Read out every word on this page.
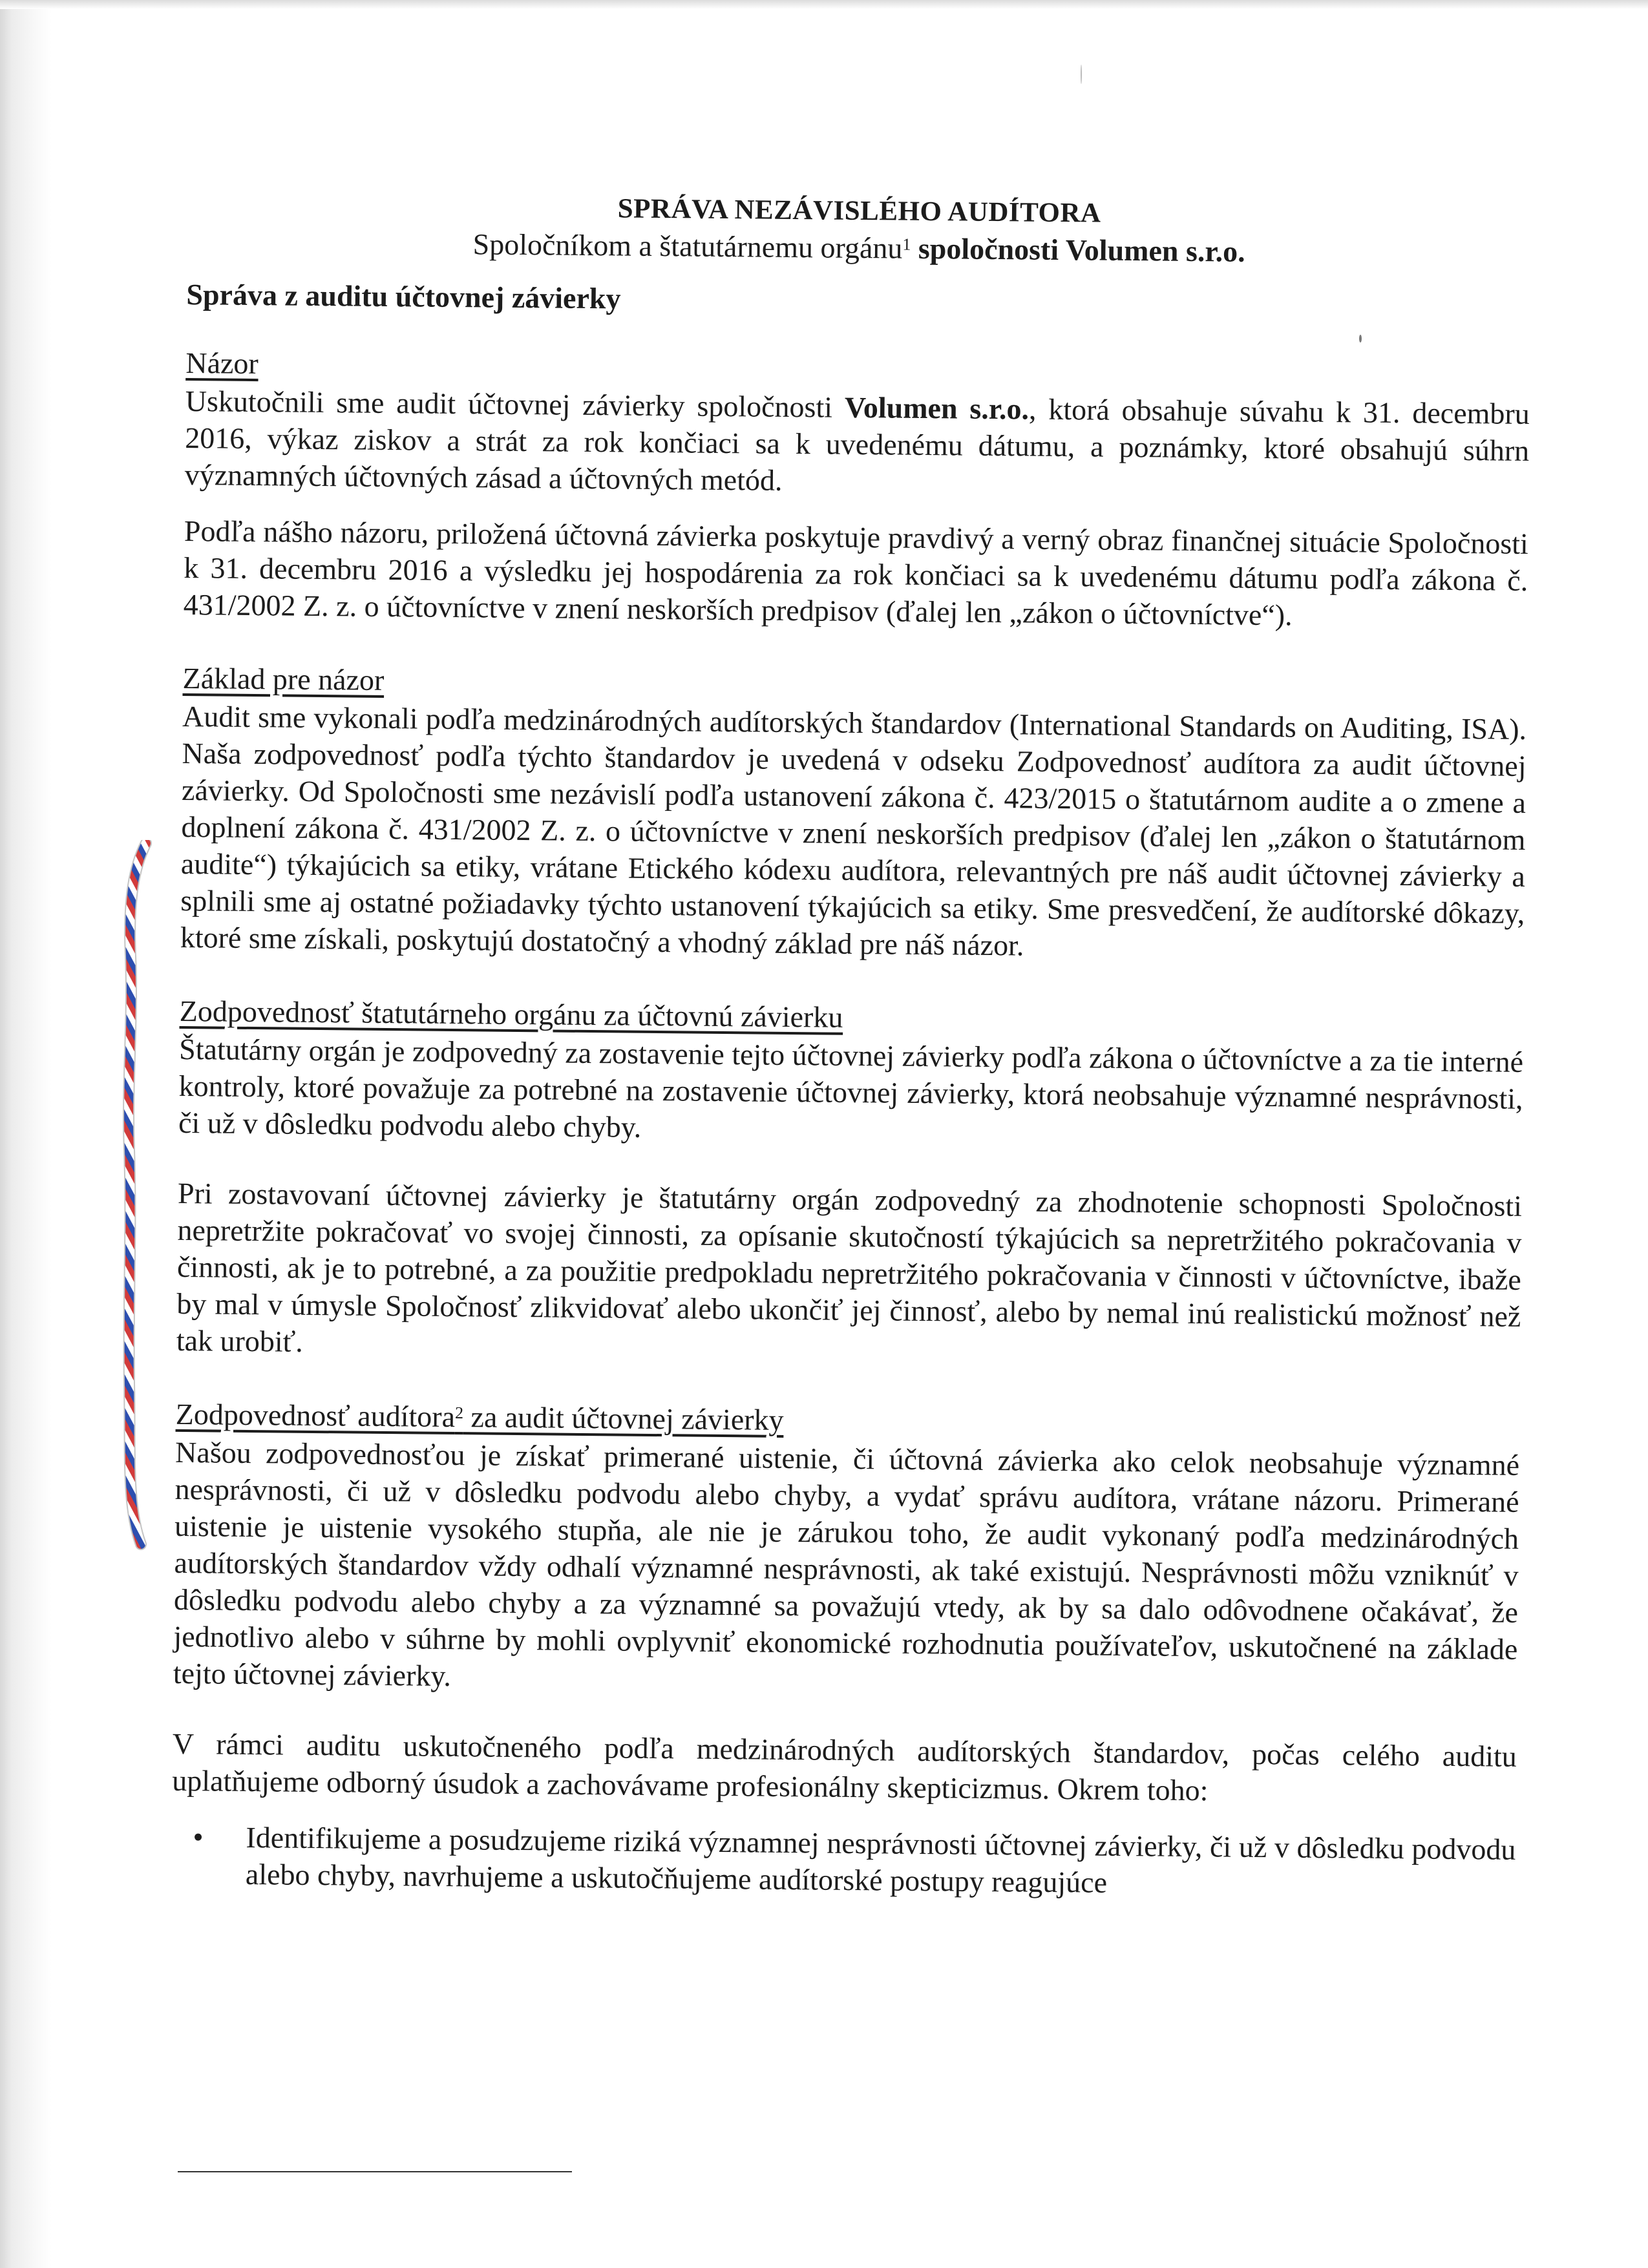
SPRÁVA NEZÁVISLÉHO AUDÍTORA

Spoločníkom a štatutárnemu orgánu$^1$ spoločnosti Volumen s.r.o.

Správa z auditu účtovnej závierky

Názor

Uskutočnili sme audit účtovnej závierky spoločnosti Volumen s.r.o., ktorá obsahuje súvahu k 31. decembru 2016, výkaz ziskov a strát za rok končiaci sa k uvedenému dátumu, a poznámky, ktoré obsahujú súhrn významných účtovných zásad a účtovných metód.

Podľa nášho názoru, priložená účtovná závierka poskytuje pravdivý a verný obraz finančnej situácie Spoločnosti k 31. decembru 2016 a výsledku jej hospodárenia za rok končiaci sa k uvedenému dátumu podľa zákona č. 431/2002 Z. z. o účtovníctve v znení neskorších predpisov (ďalej len „zákon o účtovníctve“).

Základ pre názor

Audit sme vykonali podľa medzinárodných audítorských štandardov (International Standards on Auditing, ISA). Naša zodpovednosť podľa týchto štandardov je uvedená v odseku Zodpovednosť audítora za audit účtovnej závierky. Od Spoločnosti sme nezávislí podľa ustanovení zákona č. 423/2015 o štatutárnom audite a o zmene a doplnení zákona č. 431/2002 Z. z. o účtovníctve v znení neskorších predpisov (ďalej len „zákon o štatutárnom audite“) týkajúcich sa etiky, vrátane Etického kódexu audítora, relevantných pre náš audit účtovnej závierky a splnili sme aj ostatné požiadavky týchto ustanovení týkajúcich sa etiky. Sme presvedčení, že audítorské dôkazy, ktoré sme získali, poskytujú dostatočný a vhodný základ pre náš názor.

Zodpovednosť štatutárneho orgánu za účtovnú závierku

Štatutárny orgán je zodpovedný za zostavenie tejto účtovnej závierky podľa zákona o účtovníctve a za tie interné kontroly, ktoré považuje za potrebné na zostavenie účtovnej závierky, ktorá neobsahuje významné nesprávnosti, či už v dôsledku podvodu alebo chyby.

Pri zostavovaní účtovnej závierky je štatutárny orgán zodpovedný za zhodnotenie schopnosti Spoločnosti nepretržite pokračovať vo svojej činnosti, za opísanie skutočností týkajúcich sa nepretržitého pokračovania v činnosti, ak je to potrebné, a za použitie predpokladu nepretržitého pokračovania v činnosti v účtovníctve, ibaže by mal v úmysle Spoločnosť zlikvidovať alebo ukončiť jej činnosť, alebo by nemal inú realistickú možnosť než tak urobiť.

Zodpovednosť audítora$^2$ za audit účtovnej závierky

Našou zodpovednosťou je získať primerané uistenie, či účtovná závierka ako celok neobsahuje významné nesprávnosti, či už v dôsledku podvodu alebo chyby, a vydať správu audítora, vrátane názoru. Primerané uistenie je uistenie vysokého stupňa, ale nie je zárukou toho, že audit vykonaný podľa medzinárodných audítorských štandardov vždy odhalí významné nesprávnosti, ak také existujú. Nesprávnosti môžu vzniknúť v dôsledku podvodu alebo chyby a za významné sa považujú vtedy, ak by sa dalo odôvodnene očakávať, že jednotlivo alebo v súhrne by mohli ovplyvniť ekonomické rozhodnutia používateľov, uskutočnené na základe tejto účtovnej závierky.

V rámci auditu uskutočneného podľa medzinárodných audítorských štandardov, počas celého auditu uplatňujeme odborný úsudok a zachovávame profesionálny skepticizmus. Okrem toho:

• Identifikujeme a posudzujeme riziká významnej nesprávnosti účtovnej závierky, či už v dôsledku podvodu alebo chyby, navrhujeme a uskutočňujeme audítorské postupy reagujúce
